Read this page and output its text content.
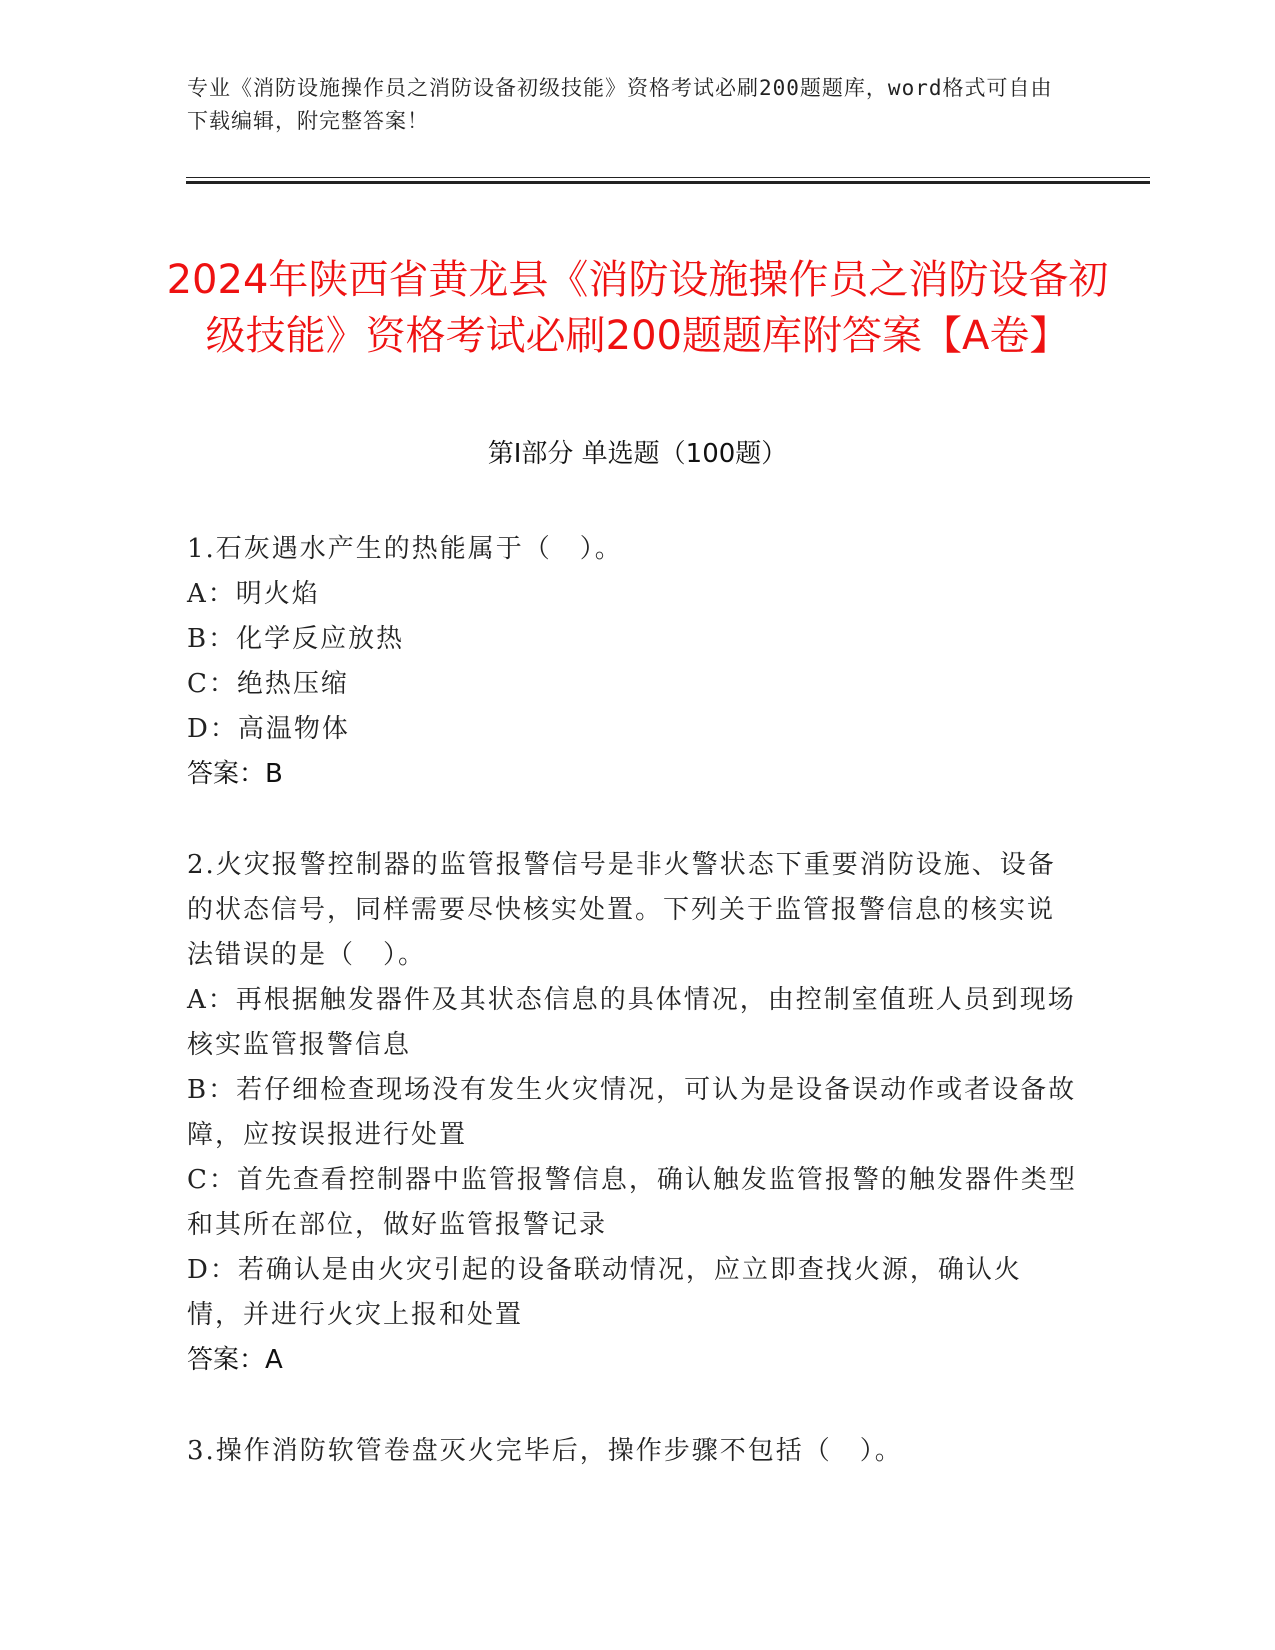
专业《消防设施操作员之消防设备初级技能》资格考试必刷200题题库，word格式可自由下载编辑，附完整答案！
2024年陕西省黄龙县《消防设施操作员之消防设备初级技能》资格考试必刷200题题库附答案【A卷】
第I部分 单选题（100题）

1.石灰遇水产生的热能属于（　）。

A：明火焰

B：化学反应放热

C：绝热压缩

D：高温物体

答案：B

2.火灾报警控制器的监管报警信号是非火警状态下重要消防设施、设备的状态信号，同样需要尽快核实处置。下列关于监管报警信息的核实说法错误的是（　）。

A：再根据触发器件及其状态信息的具体情况，由控制室值班人员到现场核实监管报警信息

B：若仔细检查现场没有发生火灾情况，可认为是设备误动作或者设备故障，应按误报进行处置

C：首先查看控制器中监管报警信息，确认触发监管报警的触发器件类型和其所在部位，做好监管报警记录

D：若确认是由火灾引起的设备联动情况，应立即查找火源，确认火情，并进行火灾上报和处置

答案：A

3.操作消防软管卷盘灭火完毕后，操作步骤不包括（　）。
